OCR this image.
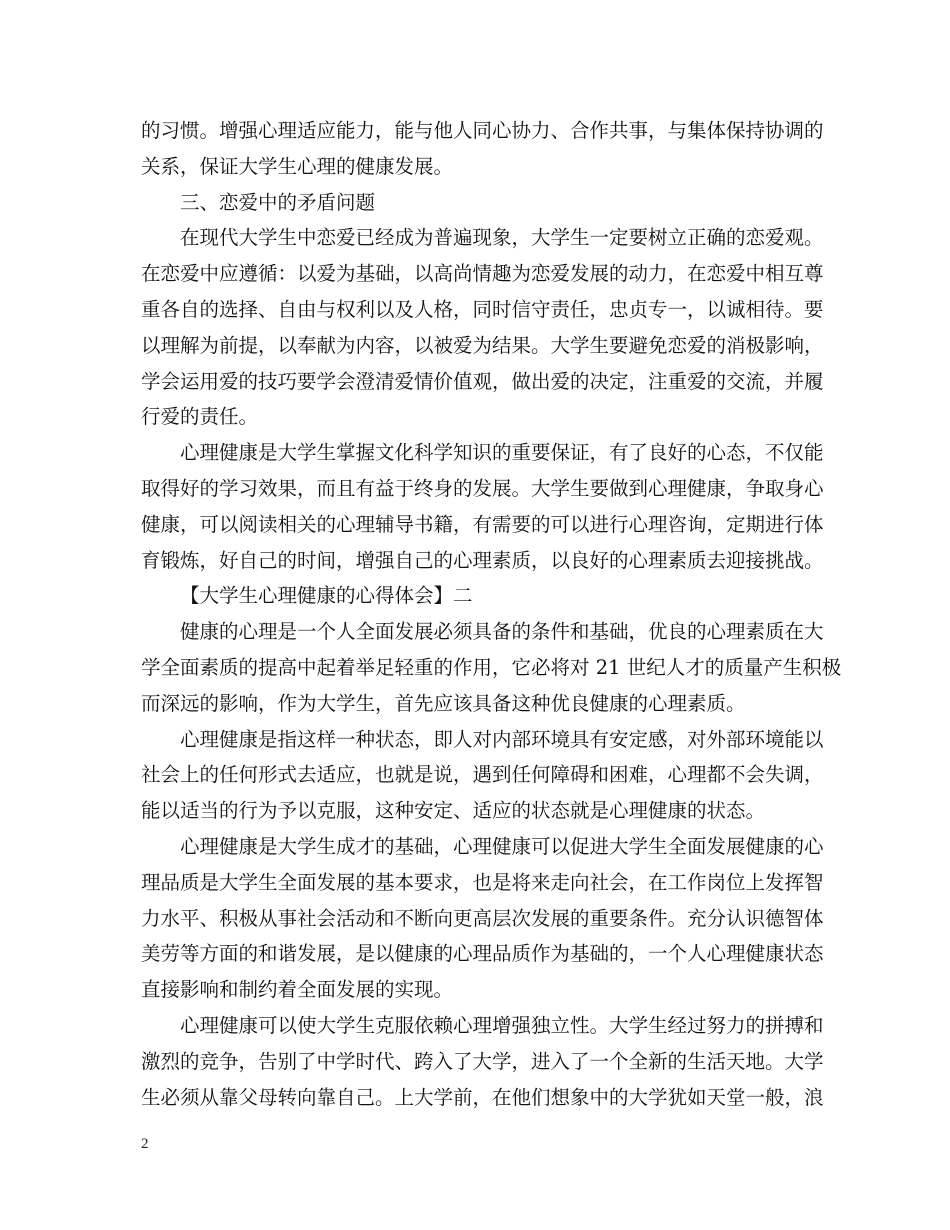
的习惯。增强心理适应能力，能与他人同心协力、合作共事，与集体保持协调的
关系，保证大学生心理的健康发展。
三、恋爱中的矛盾问题
在现代大学生中恋爱已经成为普遍现象，大学生一定要树立正确的恋爱观。
在恋爱中应遵循：以爱为基础，以高尚情趣为恋爱发展的动力，在恋爱中相互尊
重各自的选择、自由与权利以及人格，同时信守责任，忠贞专一，以诚相待。要
以理解为前提，以奉献为内容，以被爱为结果。大学生要避免恋爱的消极影响，
学会运用爱的技巧要学会澄清爱情价值观，做出爱的决定，注重爱的交流，并履
行爱的责任。
心理健康是大学生掌握文化科学知识的重要保证，有了良好的心态，不仅能
取得好的学习效果，而且有益于终身的发展。大学生要做到心理健康，争取身心
健康，可以阅读相关的心理辅导书籍，有需要的可以进行心理咨询，定期进行体
育锻炼，好自己的时间，增强自己的心理素质，以良好的心理素质去迎接挑战。
【大学生心理健康的心得体会】二
健康的心理是一个人全面发展必须具备的条件和基础，优良的心理素质在大
学全面素质的提高中起着举足轻重的作用，它必将对 21 世纪人才的质量产生积极
而深远的影响，作为大学生，首先应该具备这种优良健康的心理素质。
心理健康是指这样一种状态，即人对内部环境具有安定感，对外部环境能以
社会上的任何形式去适应，也就是说，遇到任何障碍和困难，心理都不会失调，
能以适当的行为予以克服，这种安定、适应的状态就是心理健康的状态。
心理健康是大学生成才的基础，心理健康可以促进大学生全面发展健康的心
理品质是大学生全面发展的基本要求，也是将来走向社会，在工作岗位上发挥智
力水平、积极从事社会活动和不断向更高层次发展的重要条件。充分认识德智体
美劳等方面的和谐发展，是以健康的心理品质作为基础的，一个人心理健康状态
直接影响和制约着全面发展的实现。
心理健康可以使大学生克服依赖心理增强独立性。大学生经过努力的拼搏和
激烈的竞争，告别了中学时代、跨入了大学，进入了一个全新的生活天地。大学
生必须从靠父母转向靠自己。上大学前，在他们想象中的大学犹如天堂一般，浪
2
